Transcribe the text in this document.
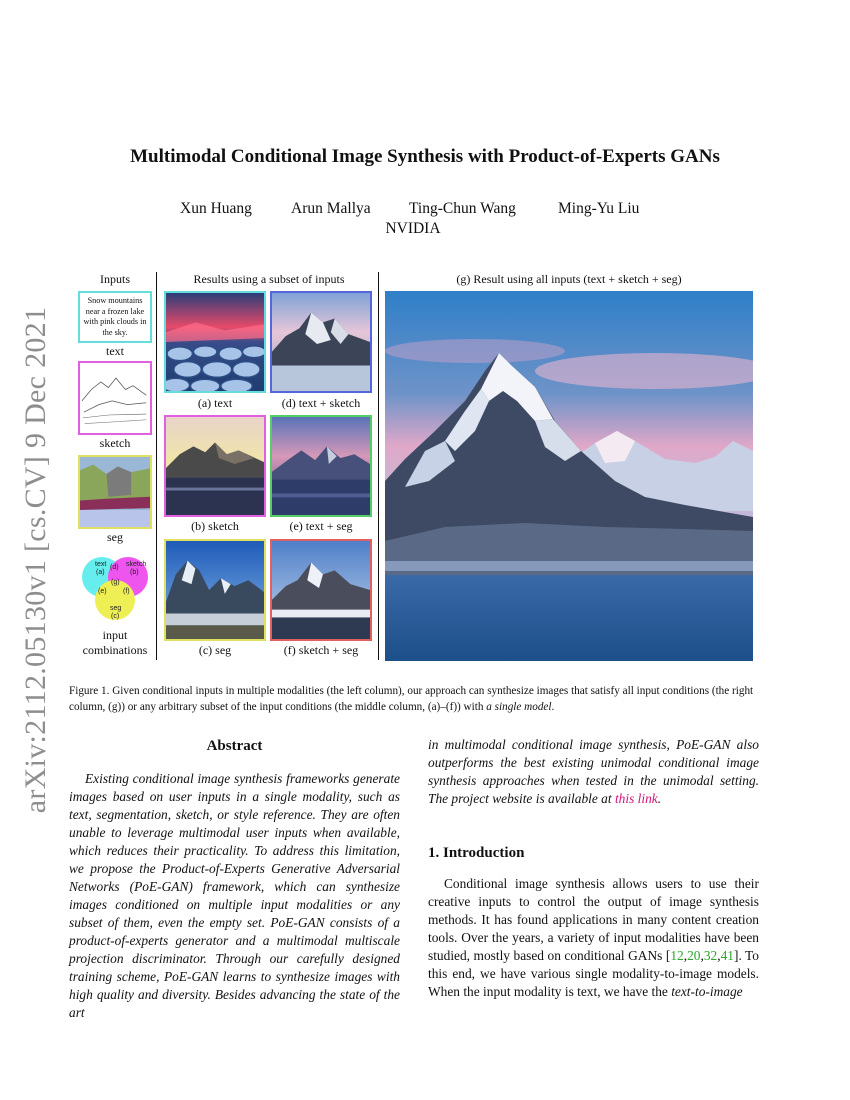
arXiv:2112.05130v1 [cs.CV] 9 Dec 2021
Multimodal Conditional Image Synthesis with Product-of-Experts GANs
Xun Huang	Arun Mallya Ting-Chun Wang	Ming-Yu Liu
NVIDIA
Inputs	Results using a subset of inputs	(g) Result using all inputs (text + sketch + seg)
Snow mountains near a frozen lake with pink clouds in the sky.
text
sketch
seg
text
(a)
sketch
(b)
(d)
(e) (f)
(g)
seg
(c)
input combinations
(a) text
(b) sketch
(c) seg
(d) text + sketch
(e) text + seg
(f) sketch + seg
Figure 1. Given conditional inputs in multiple modalities (the left column), our approach can synthesize images that satisfy all input conditions (the right column, (g)) or any arbitrary subset of the input conditions (the middle column, (a)–(f)) with a single model.
Abstract
Existing conditional image synthesis frameworks generate images based on user inputs in a single modality, such as text, segmentation, sketch, or style reference. They are often unable to leverage multimodal user inputs when available, which reduces their practicality. To address this limitation, we propose the Product-of-Experts Generative Adversarial Networks (PoE-GAN) framework, which can synthesize images conditioned on multiple input modalities or any subset of them, even the empty set. PoE-GAN consists of a product-of-experts generator and a multimodal multiscale projection discriminator. Through our carefully designed training scheme, PoE-GAN learns to synthesize images with high quality and diversity. Besides advancing the state of the art
in multimodal conditional image synthesis, PoE-GAN also outperforms the best existing unimodal conditional image synthesis approaches when tested in the unimodal setting. The project website is available at this link.
1. Introduction
Conditional image synthesis allows users to use their creative inputs to control the output of image synthesis methods. It has found applications in many content creation tools. Over the years, a variety of input modalities have been studied, mostly based on conditional GANs [12,20,32,41]. To this end, we have various single modality-to-image models. When the input modality is text, we have the text-to-image
